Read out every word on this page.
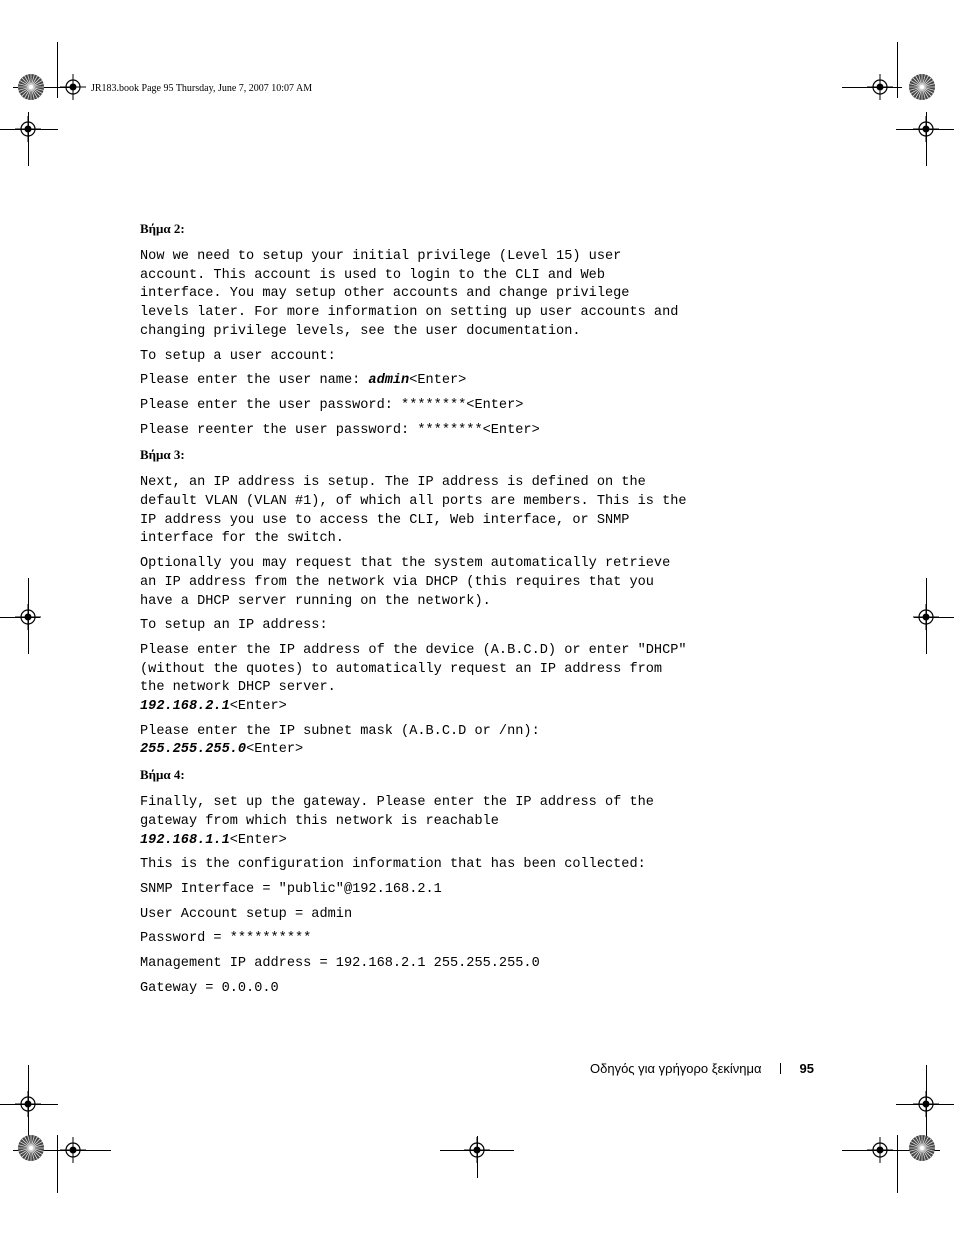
JR183.book Page 95 Thursday, June 7, 2007 10:07 AM
Βήμα 2:
Now we need to setup your initial privilege (Level 15) user
account. This account is used to login to the CLI and Web
interface. You may setup other accounts and change privilege
levels later. For more information on setting up user accounts and
changing privilege levels, see the user documentation.
To setup a user account:
Please enter the user name: admin<Enter>
Please enter the user password: ********<Enter>
Please reenter the user password: ********<Enter>
Βήμα 3:
Next, an IP address is setup. The IP address is defined on the
default VLAN (VLAN #1), of which all ports are members. This is the
IP address you use to access the CLI, Web interface, or SNMP
interface for the switch.
Optionally you may request that the system automatically retrieve
an IP address from the network via DHCP (this requires that you
have a DHCP server running on the network).
To setup an IP address:
Please enter the IP address of the device (A.B.C.D) or enter "DHCP"
(without the quotes) to automatically request an IP address from
the network DHCP server.
192.168.2.1<Enter>
Please enter the IP subnet mask (A.B.C.D or /nn):
255.255.255.0<Enter>
Βήμα 4:
Finally, set up the gateway. Please enter the IP address of the
gateway from which this network is reachable
192.168.1.1<Enter>
This is the configuration information that has been collected:
SNMP Interface = "public"@192.168.2.1
User Account setup = admin
Password = **********
Management IP address = 192.168.2.1 255.255.255.0
Gateway = 0.0.0.0
Οδηγός για γρήγορο ξεκίνημα	95
